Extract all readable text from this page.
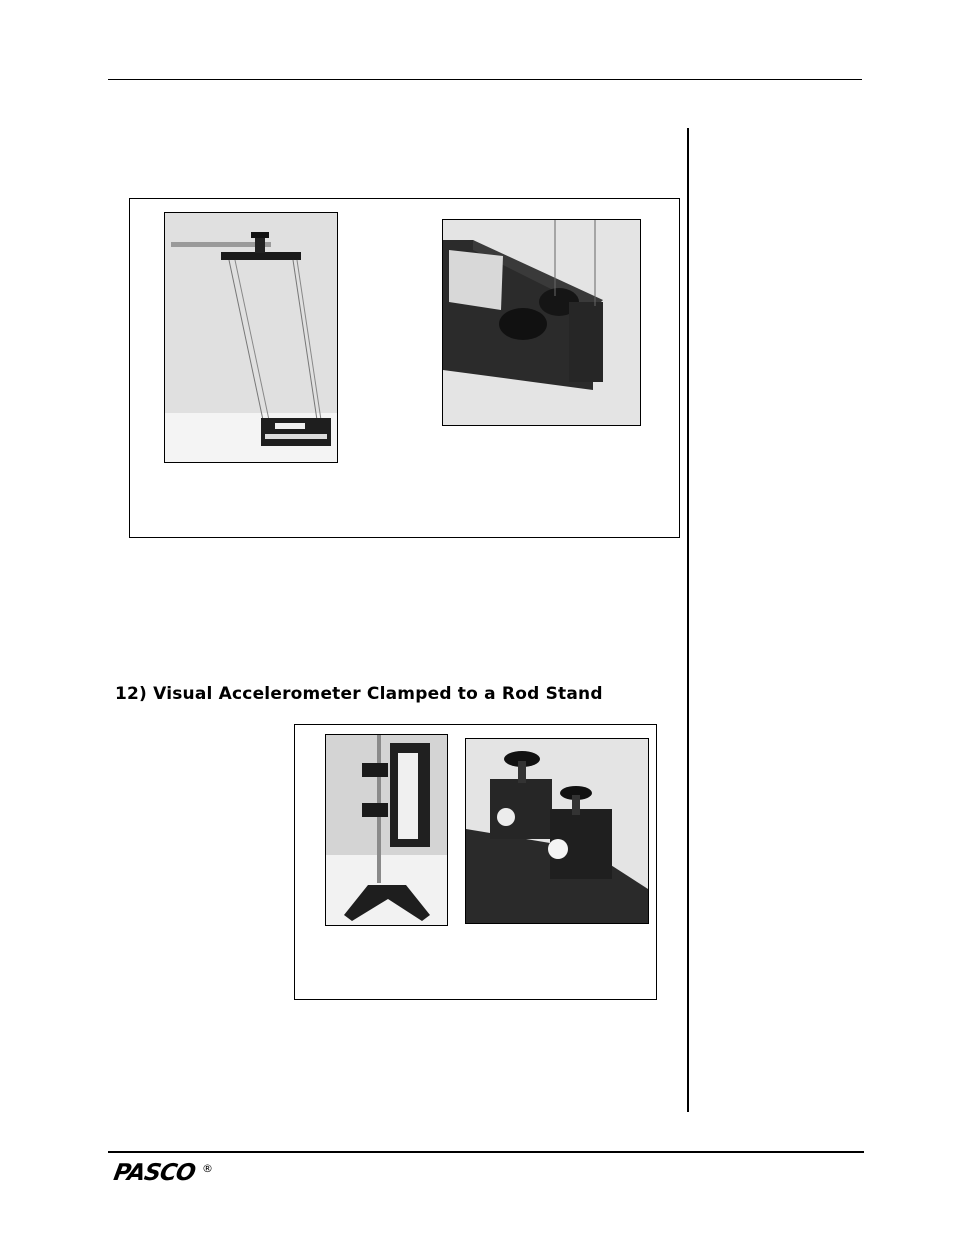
12) Visual Accelerometer Clamped to a Rod Stand
PASCO ®
